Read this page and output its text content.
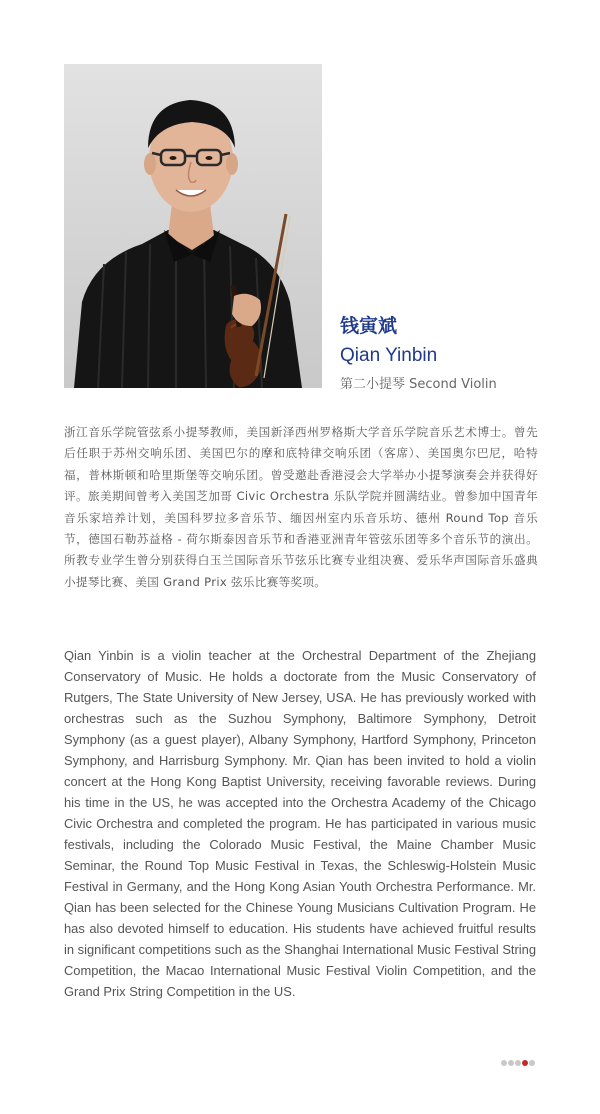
钱寅斌

Qian Yinbin

第二小提琴 Second Violin

浙江音乐学院管弦系小提琴教师，美国新泽西州罗格斯大学音乐学院音乐艺术博士。曾先后任职于苏州交响乐团、美国巴尔的摩和底特律交响乐团（客席）、美国奥尔巴尼，哈特福，普林斯顿和哈里斯堡等交响乐团。曾受邀赴香港浸会大学举办小提琴演奏会并获得好评。旅美期间曾考入美国芝加哥 Civic Orchestra 乐队学院并圆满结业。曾参加中国青年音乐家培养计划，美国科罗拉多音乐节、缅因州室内乐音乐坊、德州 Round Top 音乐节，德国石勒苏益格 - 荷尔斯泰因音乐节和香港亚洲青年管弦乐团等多个音乐节的演出。所教专业学生曾分别获得白玉兰国际音乐节弦乐比赛专业组决赛、爱乐华声国际音乐盛典小提琴比赛、美国 Grand Prix 弦乐比赛等奖项。

Qian Yinbin is a violin teacher at the Orchestral Department of the Zhejiang Conservatory of Music. He holds a doctorate from the Music Conservatory of Rutgers, The State University of New Jersey, USA. He has previously worked with orchestras such as the Suzhou Symphony, Baltimore Symphony, Detroit Symphony (as a guest player), Albany Symphony, Hartford Symphony, Princeton Symphony, and Harrisburg Symphony. Mr. Qian has been invited to hold a violin concert at the Hong Kong Baptist University, receiving favorable reviews. During his time in the US, he was accepted into the Orchestra Academy of the Chicago Civic Orchestra and completed the program. He has participated in various music festivals, including the Colorado Music Festival, the Maine Chamber Music Seminar, the Round Top Music Festival in Texas, the Schleswig-Holstein Music Festival in Germany, and the Hong Kong Asian Youth Orchestra Performance. Mr. Qian has been selected for the Chinese Young Musicians Cultivation Program. He has also devoted himself to education. His students have achieved fruitful results in significant competitions such as the Shanghai International Music Festival String Competition, the Macao International Music Festival Violin Competition, and the Grand Prix String Competition in the US.
